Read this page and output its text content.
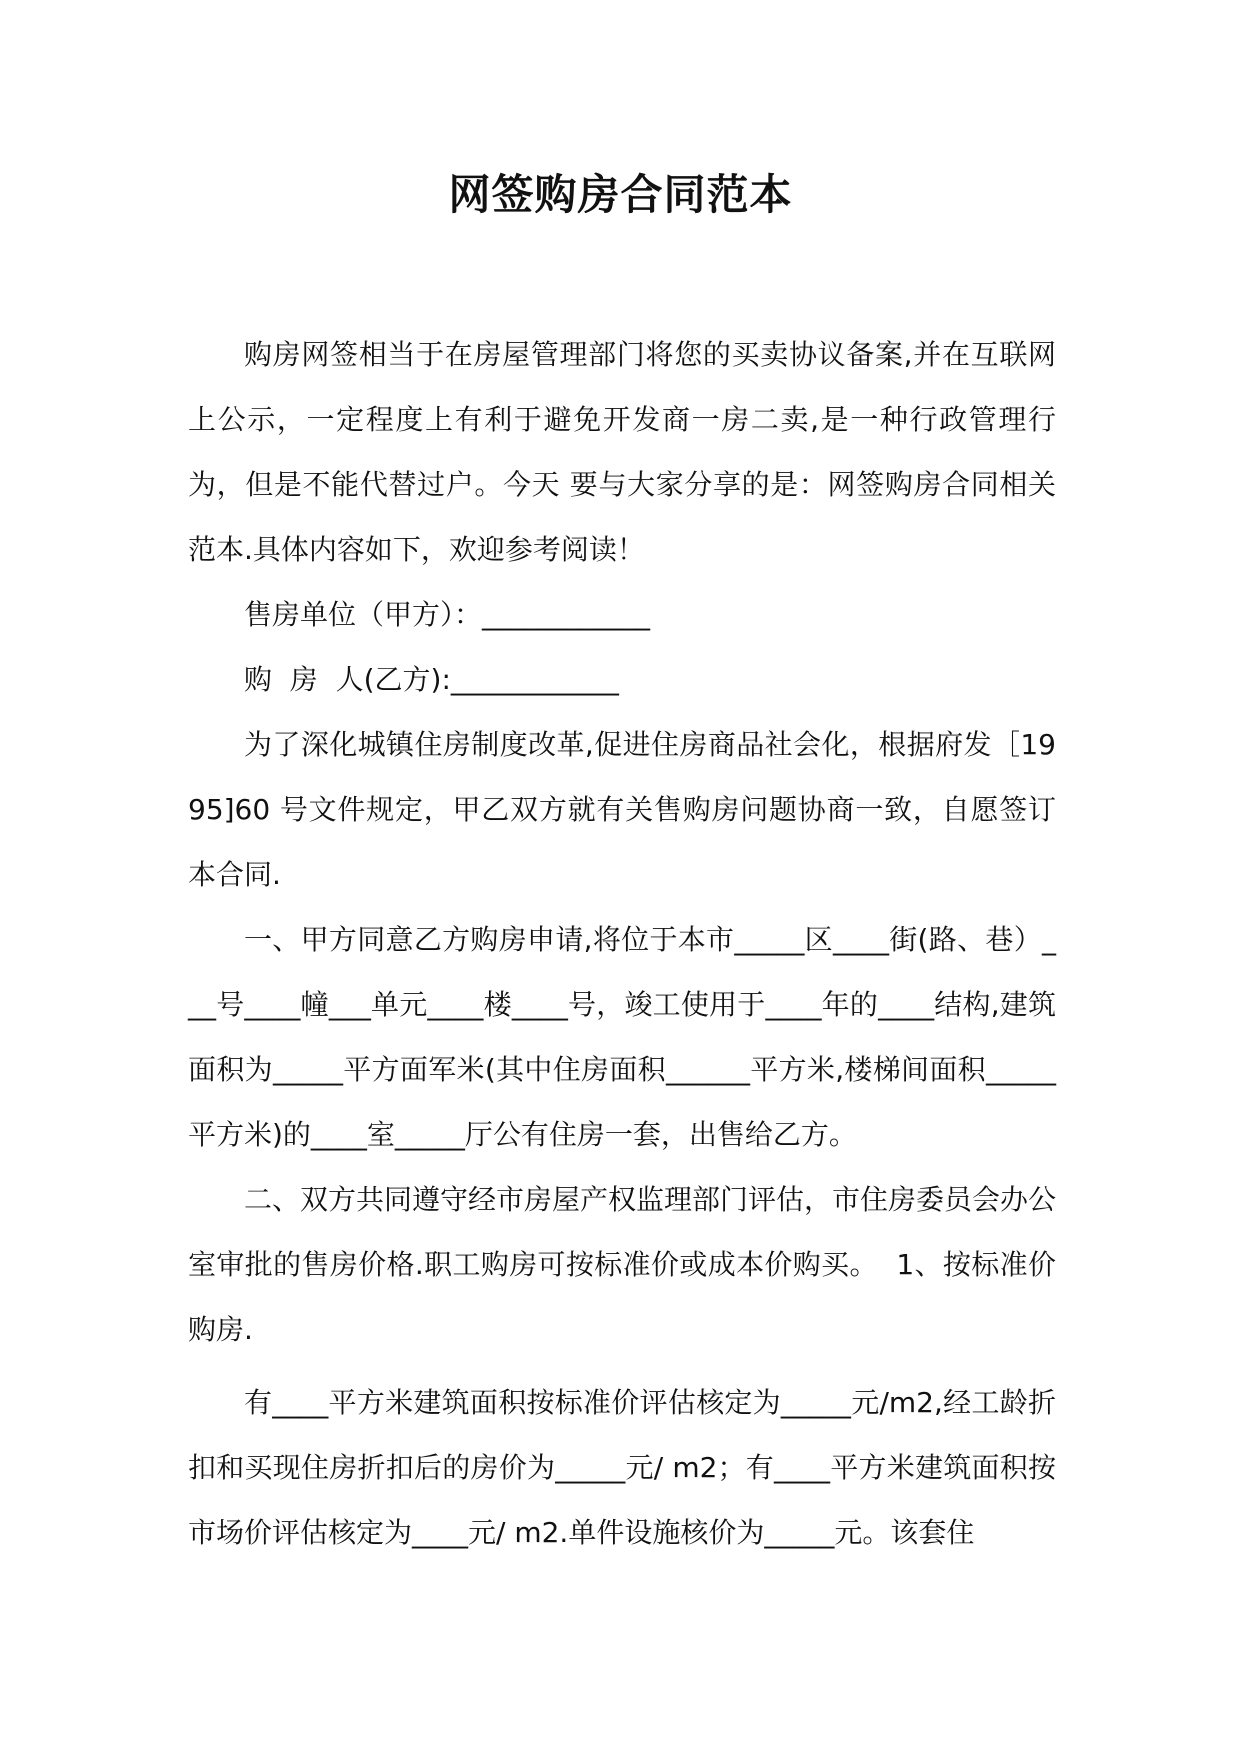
网签购房合同范本

购房网签相当于在房屋管理部门将您的买卖协议备案,并在互联网上公示，一定程度上有利于避免开发商一房二卖,是一种行政管理行为，但是不能代替过户。今天 要与大家分享的是：网签购房合同相关范本.具体内容如下，欢迎参考阅读！

售房单位（甲方）：____________

购  房  人(乙方):____________

为了深化城镇住房制度改革,促进住房商品社会化，根据府发［1995]60 号文件规定，甲乙双方就有关售购房问题协商一致，自愿签订本合同.

一、甲方同意乙方购房申请,将位于本市_____区____街(路、巷）___号____幢___单元____楼____号，竣工使用于____年的____结构,建筑面积为_____平方面军米(其中住房面积______平方米,楼梯间面积_____平方米)的____室_____厅公有住房一套，出售给乙方。

二、双方共同遵守经市房屋产权监理部门评估，市住房委员会办公室审批的售房价格.职工购房可按标准价或成本价购买。  1、按标准价购房.

有____平方米建筑面积按标准价评估核定为_____元/m2,经工龄折扣和买现住房折扣后的房价为_____元/ m2；有____平方米建筑面积按市场价评估核定为____元/ m2.单件设施核价为_____元。该套住
